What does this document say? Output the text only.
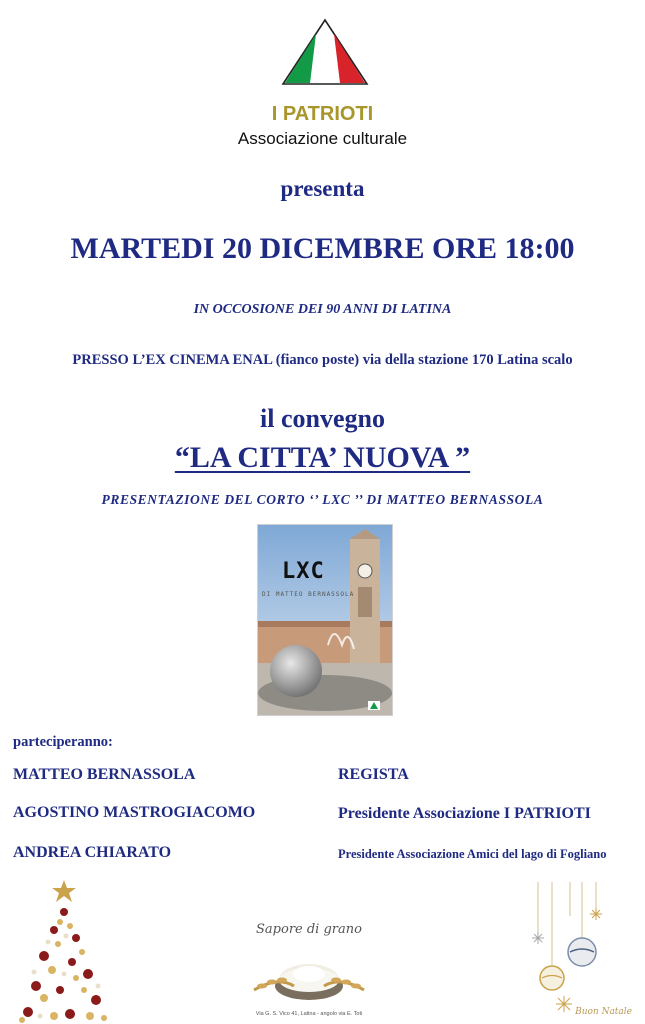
I PATRIOTI
Associazione culturale
presenta
MARTEDI 20 DICEMBRE ORE 18:00
IN OCCOSIONE DEI 90 ANNI DI LATINA
PRESSO L’EX CINEMA ENAL (fiancо poste) via della stazione 170 Latina scalo
il convegno
“LA CITTA’ NUOVA ”
PRESENTAZIONE DEL CORTO ‘’ LXC ’’ DI MATTEO BERNASSOLA
LXC
DI MATTEO BERNASSOLA
parteciperanno:
MATTEO BERNASSOLA	REGISTA
AGOSTINO MASTROGIACOMO	Presidente Associazione I PATRIOTI
ANDREA CHIARATO	Presidente Associazione Amici del lago di Fogliano
Sapore di grano
Via G. S. Vico 41, Latina - angolo via E. Toti	Buon Natale
